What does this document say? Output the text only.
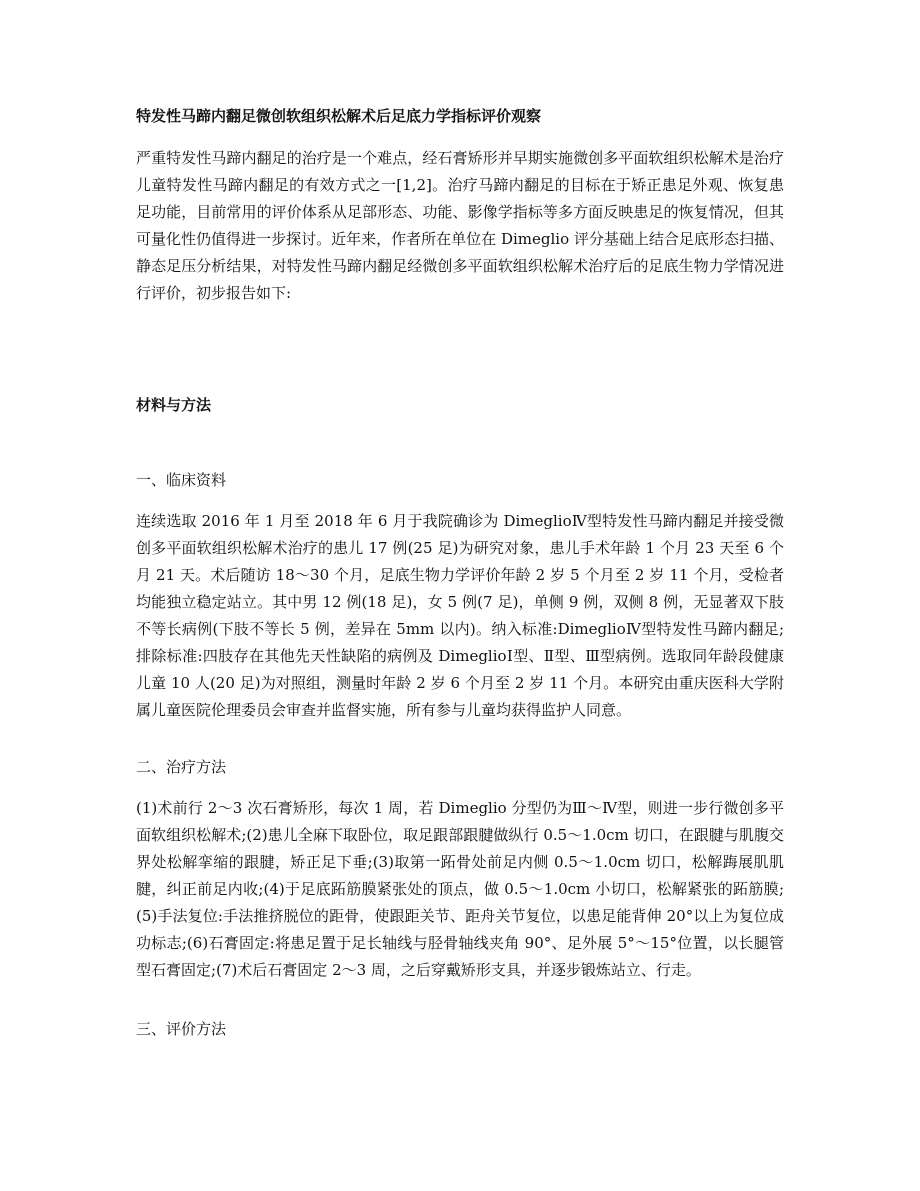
特发性马蹄内翻足微创软组织松解术后足底力学指标评价观察
严重特发性马蹄内翻足的治疗是一个难点，经石膏矫形并早期实施微创多平面软组织松解术是治疗儿童特发性马蹄内翻足的有效方式之一[1,2]。治疗马蹄内翻足的目标在于矫正患足外观、恢复患足功能，目前常用的评价体系从足部形态、功能、影像学指标等多方面反映患足的恢复情况，但其可量化性仍值得进一步探讨。近年来，作者所在单位在 Dimeglio 评分基础上结合足底形态扫描、静态足压分析结果，对特发性马蹄内翻足经微创多平面软组织松解术治疗后的足底生物力学情况进行评价，初步报告如下:
材料与方法
一、临床资料
连续选取 2016 年 1 月至 2018 年 6 月于我院确诊为 DimeglioⅣ型特发性马蹄内翻足并接受微创多平面软组织松解术治疗的患儿 17 例(25 足)为研究对象，患儿手术年龄 1 个月 23 天至 6 个月 21 天。术后随访 18～30 个月，足底生物力学评价年龄 2 岁 5 个月至 2 岁 11 个月，受检者均能独立稳定站立。其中男 12 例(18 足)，女 5 例(7 足)，单侧 9 例，双侧 8 例，无显著双下肢不等长病例(下肢不等长 5 例，差异在 5mm 以内)。纳入标准:DimeglioⅣ型特发性马蹄内翻足;排除标准:四肢存在其他先天性缺陷的病例及 DimeglioⅠ型、Ⅱ型、Ⅲ型病例。选取同年龄段健康儿童 10 人(20 足)为对照组，测量时年龄 2 岁 6 个月至 2 岁 11 个月。本研究由重庆医科大学附属儿童医院伦理委员会审查并监督实施，所有参与儿童均获得监护人同意。
二、治疗方法
(1)术前行 2～3 次石膏矫形，每次 1 周，若 Dimeglio 分型仍为Ⅲ～Ⅳ型，则进一步行微创多平面软组织松解术;(2)患儿全麻下取卧位，取足跟部跟腱做纵行 0.5～1.0cm 切口，在跟腱与肌腹交界处松解挛缩的跟腱，矫正足下垂;(3)取第一跖骨处前足内侧 0.5～1.0cm 切口，松解踇展肌肌腱，纠正前足内收;(4)于足底跖筋膜紧张处的顶点，做 0.5～1.0cm 小切口，松解紧张的跖筋膜;(5)手法复位:手法推挤脱位的距骨，使跟距关节、距舟关节复位，以患足能背伸 20°以上为复位成功标志;(6)石膏固定:将患足置于足长轴线与胫骨轴线夹角 90°、足外展 5°～15°位置，以长腿管型石膏固定;(7)术后石膏固定 2～3 周，之后穿戴矫形支具，并逐步锻炼站立、行走。
三、评价方法
